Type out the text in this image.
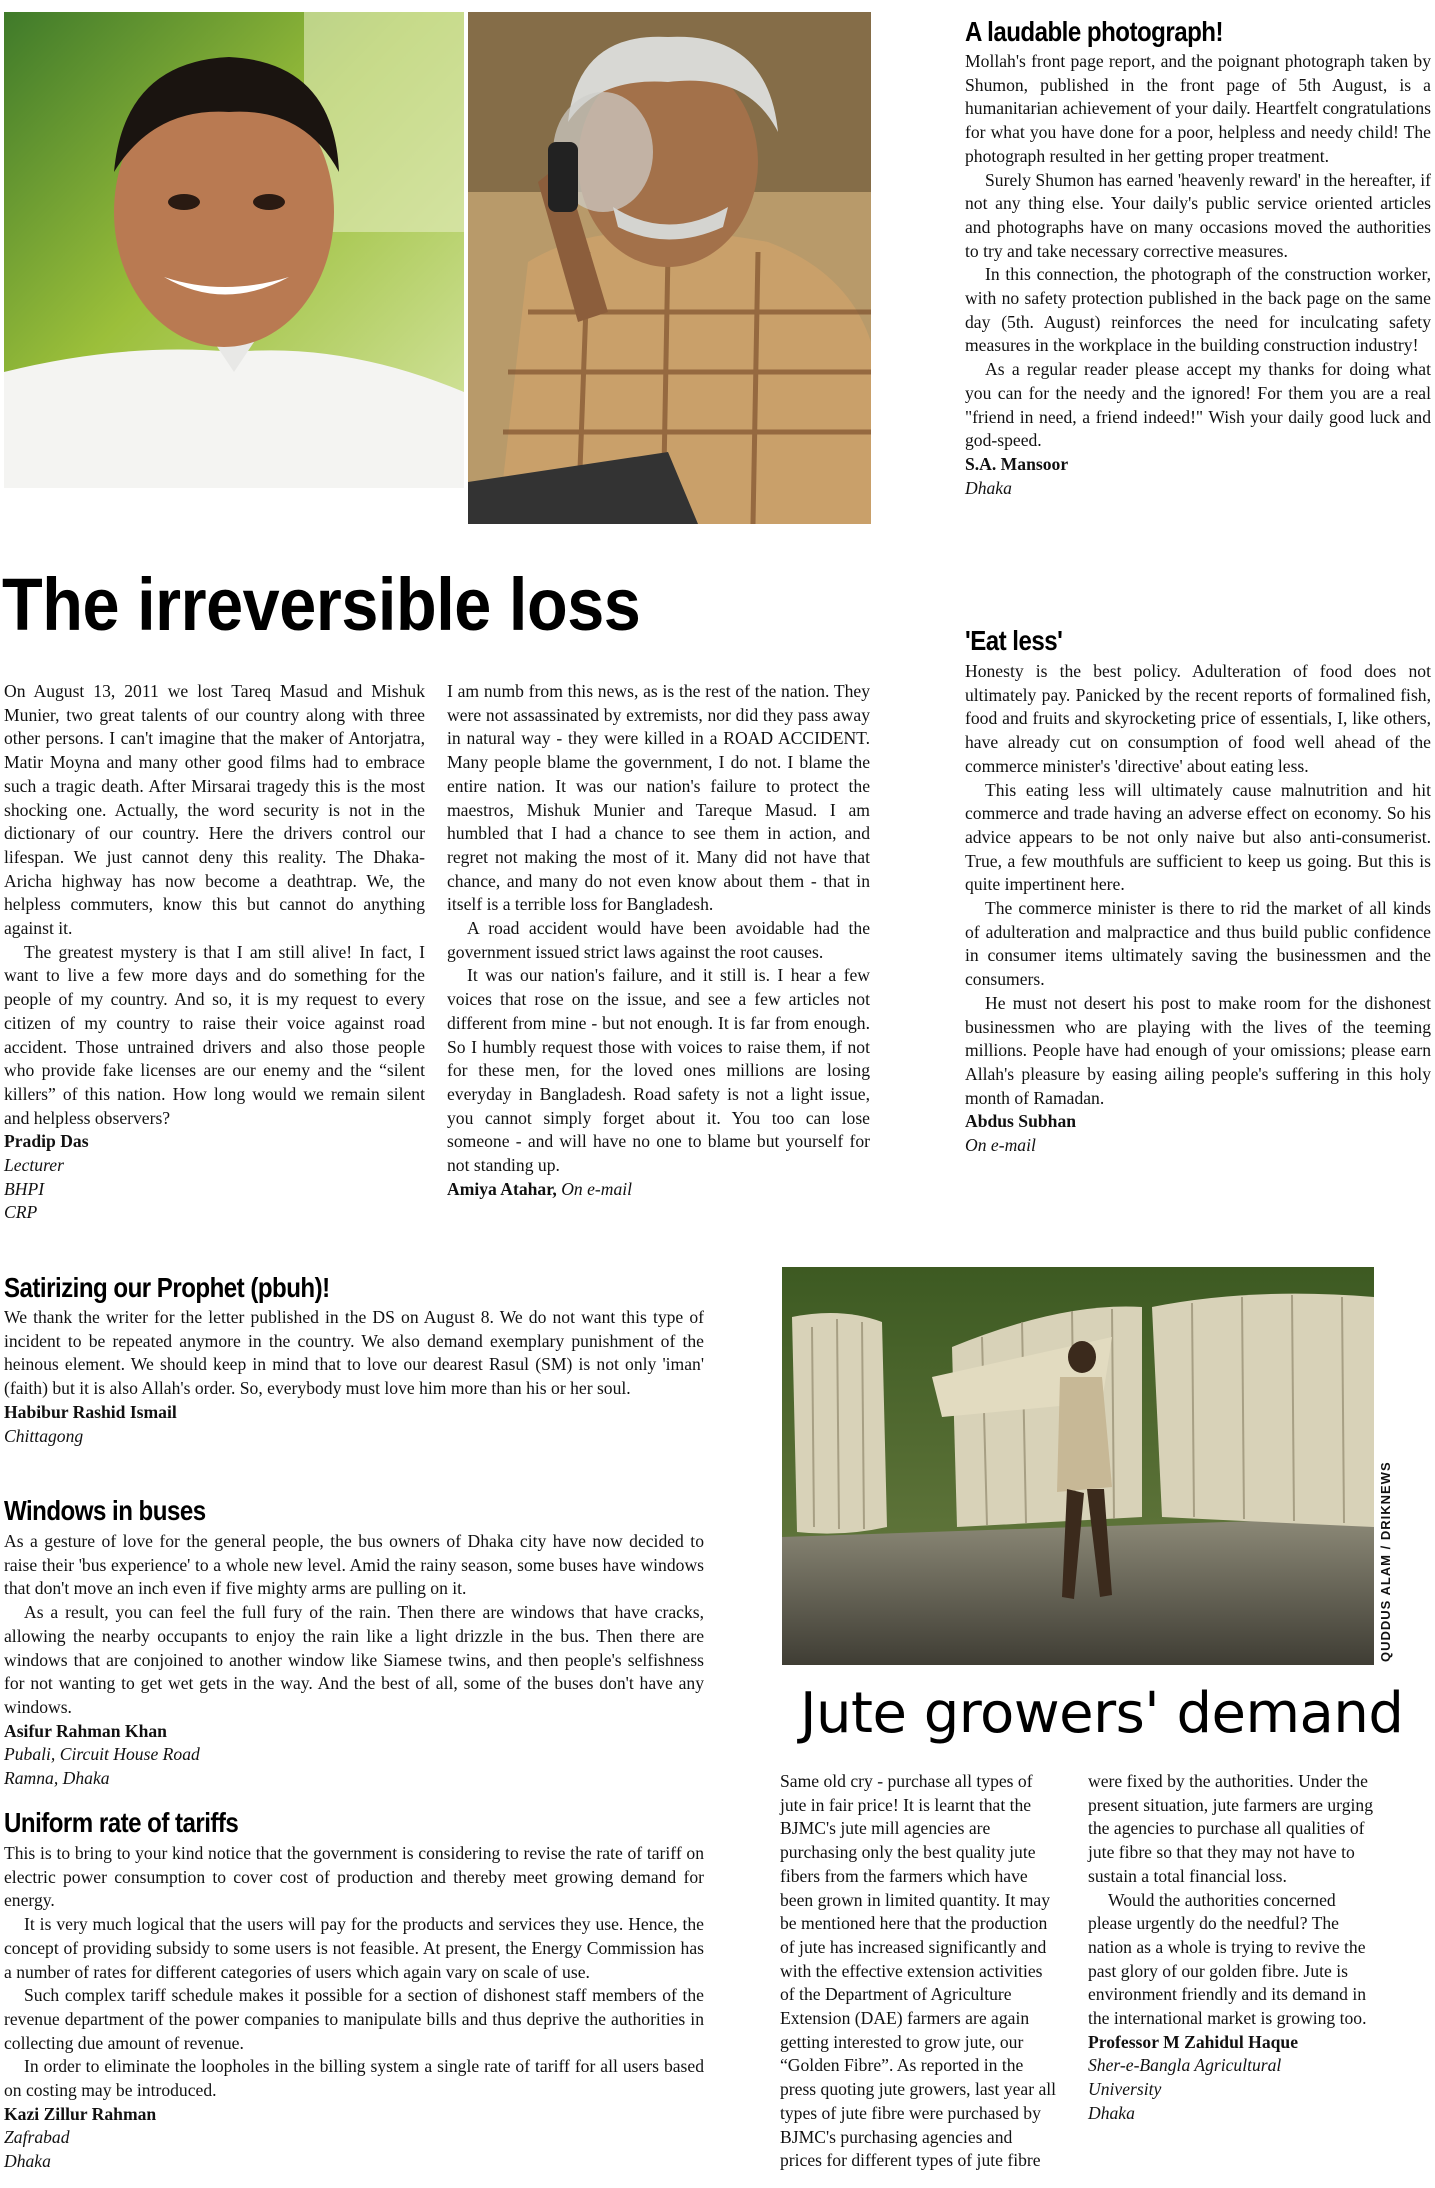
The irreversible loss

On August 13, 2011 we lost Tareq Masud and Mishuk Munier, two great talents of our country along with three other persons. I can't imagine that the maker of Antorjatra, Matir Moyna and many other good films had to embrace such a tragic death. After Mirsarai tragedy this is the most shocking one. Actually, the word security is not in the dictionary of our country. Here the drivers control our lifespan. We just cannot deny this reality. The Dhaka-Aricha highway has now become a deathtrap. We, the helpless commuters, know this but cannot do anything against it.

The greatest mystery is that I am still alive! In fact, I want to live a few more days and do something for the people of my country. And so, it is my request to every citizen of my country to raise their voice against road accident. Those untrained drivers and also those people who provide fake licenses are our enemy and the “silent killers” of this nation. How long would we remain silent and helpless observers?

Pradip Das
Lecturer
BHPI
CRP

I am numb from this news, as is the rest of the nation. They were not assassinated by extremists, nor did they pass away in natural way - they were killed in a ROAD ACCIDENT. Many people blame the government, I do not. I blame the entire nation. It was our nation's failure to protect the maestros, Mishuk Munier and Tareque Masud. I am humbled that I had a chance to see them in action, and regret not making the most of it. Many did not have that chance, and many do not even know about them - that in itself is a terrible loss for Bangladesh.

A road accident would have been avoidable had the government issued strict laws against the root causes.

It was our nation's failure, and it still is. I hear a few voices that rose on the issue, and see a few articles not different from mine - but not enough. It is far from enough. So I humbly request those with voices to raise them, if not for these men, for the loved ones millions are losing everyday in Bangladesh. Road safety is not a light issue, you cannot simply forget about it. You too can lose someone - and will have no one to blame but yourself for not standing up.

Amiya Atahar, On e-mail
A laudable photograph!

Mollah's front page report, and the poignant photograph taken by Shumon, published in the front page of 5th August, is a humanitarian achievement of your daily. Heartfelt congratulations for what you have done for a poor, helpless and needy child! The photograph resulted in her getting proper treatment.

Surely Shumon has earned 'heavenly reward' in the hereafter, if not any thing else. Your daily's public service oriented articles and photographs have on many occasions moved the authorities to try and take necessary corrective measures.

In this connection, the photograph of the construction worker, with no safety protection published in the back page on the same day (5th. August) reinforces the need for inculcating safety measures in the workplace in the building construction industry!

As a regular reader please accept my thanks for doing what you can for the needy and the ignored! For them you are a real "friend in need, a friend indeed!" Wish your daily good luck and god-speed.

S.A. Mansoor
Dhaka
'Eat less'

Honesty is the best policy. Adulteration of food does not ultimately pay. Panicked by the recent reports of formalined fish, food and fruits and skyrocketing price of essentials, I, like others, have already cut on consumption of food well ahead of the commerce minister's 'directive' about eating less.

This eating less will ultimately cause malnutrition and hit commerce and trade having an adverse effect on economy. So his advice appears to be not only naive but also anti-consumerist. True, a few mouthfuls are sufficient to keep us going. But this is quite impertinent here.

The commerce minister is there to rid the market of all kinds of adulteration and malpractice and thus build public confidence in consumer items ultimately saving the businessmen and the consumers.

He must not desert his post to make room for the dishonest businessmen who are playing with the lives of the teeming millions. People have had enough of your omissions; please earn Allah's pleasure by easing ailing people's suffering in this holy month of Ramadan.

Abdus Subhan
On e-mail
Satirizing our Prophet (pbuh)!

We thank the writer for the letter published in the DS on August 8. We do not want this type of incident to be repeated anymore in the country. We also demand exemplary punishment of the heinous element. We should keep in mind that to love our dearest Rasul (SM) is not only 'iman' (faith) but it is also Allah's order. So, everybody must love him more than his or her soul.

Habibur Rashid Ismail
Chittagong
Windows in buses

As a gesture of love for the general people, the bus owners of Dhaka city have now decided to raise their 'bus experience' to a whole new level. Amid the rainy season, some buses have windows that don't move an inch even if five mighty arms are pulling on it.

As a result, you can feel the full fury of the rain. Then there are windows that have cracks, allowing the nearby occupants to enjoy the rain like a light drizzle in the bus. Then there are windows that are conjoined to another window like Siamese twins, and then people's selfishness for not wanting to get wet gets in the way. And the best of all, some of the buses don't have any windows.

Asifur Rahman Khan
Pubali, Circuit House Road
Ramna, Dhaka
Uniform rate of tariffs

This is to bring to your kind notice that the government is considering to revise the rate of tariff on electric power consumption to cover cost of production and thereby meet growing demand for energy.

It is very much logical that the users will pay for the products and services they use. Hence, the concept of providing subsidy to some users is not feasible. At present, the Energy Commission has a number of rates for different categories of users which again vary on scale of use.

Such complex tariff schedule makes it possible for a section of dishonest staff members of the revenue department of the power companies to manipulate bills and thus deprive the authorities in collecting due amount of revenue.

In order to eliminate the loopholes in the billing system a single rate of tariff for all users based on costing may be introduced.

Kazi Zillur Rahman
Zafrabad
Dhaka
QUDDUS ALAM / DRIKNEWS
Jute growers' demand

Same old cry - purchase all types of jute in fair price! It is learnt that the BJMC's jute mill agencies are purchasing only the best quality jute fibers from the farmers which have been grown in limited quantity. It may be mentioned here that the production of jute has increased significantly and with the effective extension activities of the Department of Agriculture Extension (DAE) farmers are again getting interested to grow jute, our “Golden Fibre”. As reported in the press quoting jute growers, last year all types of jute fibre were purchased by BJMC's purchasing agencies and prices for different types of jute fibre

were fixed by the authorities. Under the present situation, jute farmers are urging the agencies to purchase all qualities of jute fibre so that they may not have to sustain a total financial loss.

Would the authorities concerned please urgently do the needful? The nation as a whole is trying to revive the past glory of our golden fibre. Jute is environment friendly and its demand in the international market is growing too.

Professor M Zahidul Haque
Sher-e-Bangla Agricultural
University
Dhaka
